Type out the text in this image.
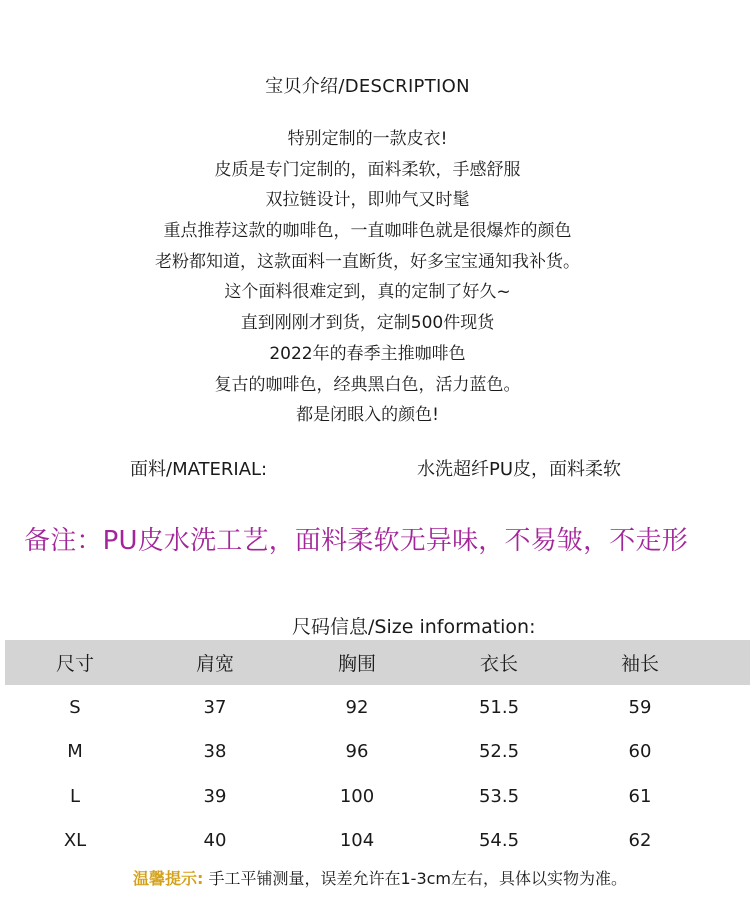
宝贝介绍/DESCRIPTION
特别定制的一款皮衣!
皮质是专门定制的，面料柔软，手感舒服
双拉链设计，即帅气又时髦
重点推荐这款的咖啡色，一直咖啡色就是很爆炸的颜色
老粉都知道，这款面料一直断货，好多宝宝通知我补货。
这个面料很难定到，真的定制了好久~
直到刚刚才到货，定制500件现货
2022年的春季主推咖啡色
复古的咖啡色，经典黑白色，活力蓝色。
都是闭眼入的颜色!
面料/MATERIAL:	水洗超纤PU皮，面料柔软
备注：PU皮水洗工艺，面料柔软无异味，不易皱，不走形
尺码信息/Size information:
尺寸	肩宽	胸围	衣长	袖长
S	37	92	51.5	59
M	38	96	52.5	60
L	39	100	53.5	61
XL	40	104	54.5	62
温馨提示: 手工平铺测量，误差允许在1-3cm左右，具体以实物为准。
